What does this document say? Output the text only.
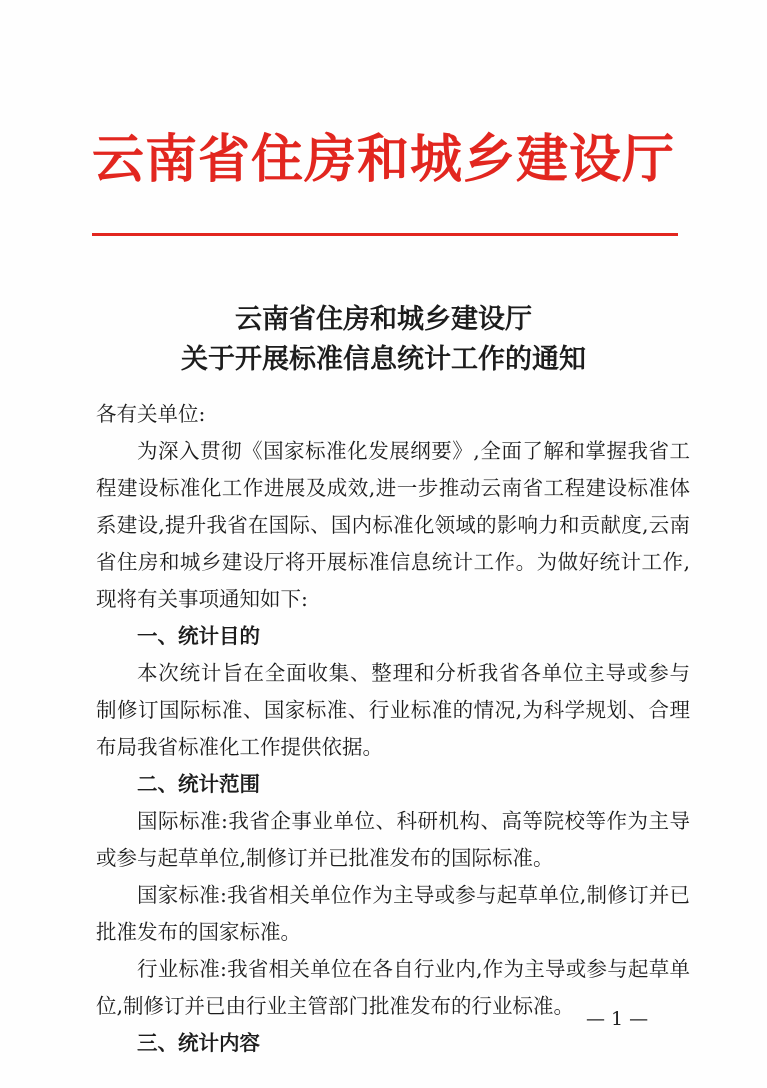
云南省住房和城乡建设厅
云南省住房和城乡建设厅
关于开展标准信息统计工作的通知
各有关单位:

为深入贯彻《国家标准化发展纲要》,全面了解和掌握我省工程建设标准化工作进展及成效,进一步推动云南省工程建设标准体系建设,提升我省在国际、国内标准化领域的影响力和贡献度,云南省住房和城乡建设厅将开展标准信息统计工作。为做好统计工作,现将有关事项通知如下:

一、统计目的

本次统计旨在全面收集、整理和分析我省各单位主导或参与制修订国际标准、国家标准、行业标准的情况,为科学规划、合理布局我省标准化工作提供依据。

二、统计范围

国际标准:我省企事业单位、科研机构、高等院校等作为主导或参与起草单位,制修订并已批准发布的国际标准。

国家标准:我省相关单位作为主导或参与起草单位,制修订并已批准发布的国家标准。

行业标准:我省相关单位在各自行业内,作为主导或参与起草单位,制修订并已由行业主管部门批准发布的行业标准。

三、统计内容

— 1 —
